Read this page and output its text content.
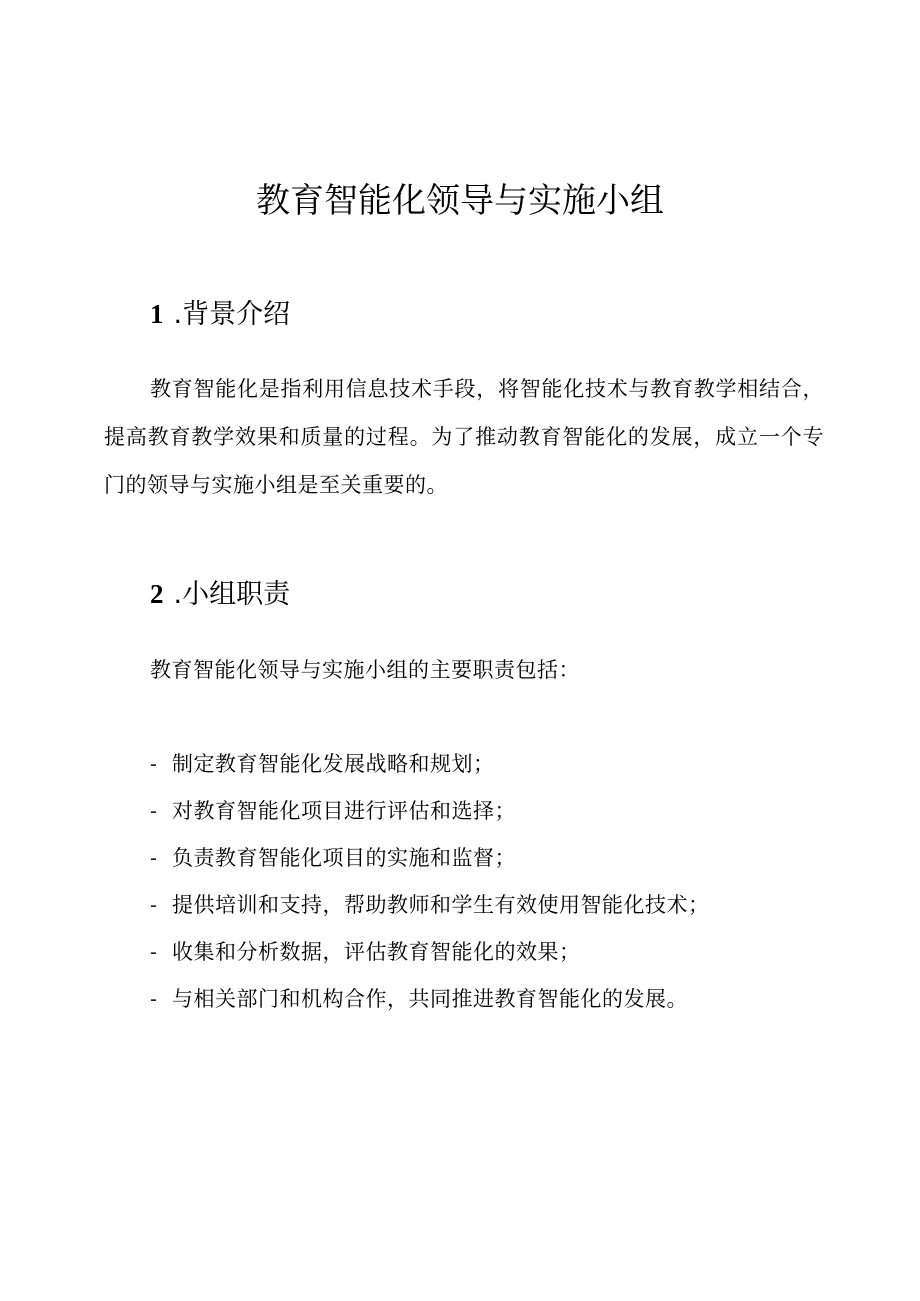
教育智能化领导与实施小组
1 .背景介绍

教育智能化是指利用信息技术手段，将智能化技术与教育教学相结合，提高教育教学效果和质量的过程。为了推动教育智能化的发展，成立一个专门的领导与实施小组是至关重要的。

2 .小组职责

教育智能化领导与实施小组的主要职责包括：

- 制定教育智能化发展战略和规划；
- 对教育智能化项目进行评估和选择；
- 负责教育智能化项目的实施和监督；
- 提供培训和支持，帮助教师和学生有效使用智能化技术；
- 收集和分析数据，评估教育智能化的效果；
- 与相关部门和机构合作，共同推进教育智能化的发展。
